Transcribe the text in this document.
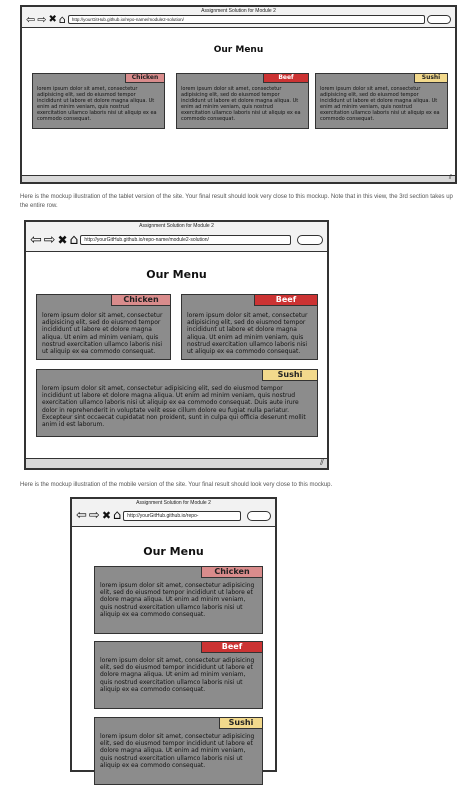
Assignment Solution for Module 2
⇦ ⇨ ✖ ⌂	http://yourGitHub.github.io/repo-name/module2-solution/
Our Menu
Chicken
lorem ipsum dolor sit amet, consectetur adipisicing elit, sed do eiusmod tempor incididunt ut labore et dolore magna aliqua. Ut enim ad minim veniam, quis nostrud exercitation ullamco laboris nisi ut aliquip ex ea commodo consequat.
Beef
lorem ipsum dolor sit amet, consectetur adipisicing elit, sed do eiusmod tempor incididunt ut labore et dolore magna aliqua. Ut enim ad minim veniam, quis nostrud exercitation ullamco laboris nisi ut aliquip ex ea commodo consequat.
Sushi
lorem ipsum dolor sit amet, consectetur adipisicing elit, sed do eiusmod tempor incididunt ut labore et dolore magna aliqua. Ut enim ad minim veniam, quis nostrud exercitation ullamco laboris nisi ut aliquip ex ea commodo consequat.
⫽
Here is the mockup illustration of the tablet version of the site. Your final result should look very close to this mockup. Note that in this view, the 3rd section takes up the entire row.
Assignment Solution for Module 2
⇦ ⇨ ✖ ⌂	http://yourGitHub.github.io/repo-name/module2-solution/
Our Menu
Chicken
lorem ipsum dolor sit amet, consectetur adipisicing elit, sed do eiusmod tempor incididunt ut labore et dolore magna aliqua. Ut enim ad minim veniam, quis nostrud exercitation ullamco laboris nisi ut aliquip ex ea commodo consequat.
Beef
lorem ipsum dolor sit amet, consectetur adipisicing elit, sed do eiusmod tempor incididunt ut labore et dolore magna aliqua. Ut enim ad minim veniam, quis nostrud exercitation ullamco laboris nisi ut aliquip ex ea commodo consequat.
Sushi
lorem ipsum dolor sit amet, consectetur adipisicing elit, sed do eiusmod tempor incididunt ut labore et dolore magna aliqua. Ut enim ad minim veniam, quis nostrud exercitation ullamco laboris nisi ut aliquip ex ea commodo consequat. Duis aute irure dolor in reprehenderit in voluptate velit esse cillum dolore eu fugiat nulla pariatur. Excepteur sint occaecat cupidatat non proident, sunt in culpa qui officia deserunt mollit anim id est laborum.
⫽
Here is the mockup illustration of the mobile version of the site. Your final result should look very close to this mockup.
Assignment Solution for Module 2
⇦ ⇨ ✖ ⌂	http://yourGitHub.github.io/repo-
Our Menu
Chicken
lorem ipsum dolor sit amet, consectetur adipisicing elit, sed do eiusmod tempor incididunt ut labore et dolore magna aliqua. Ut enim ad minim veniam, quis nostrud exercitation ullamco laboris nisi ut aliquip ex ea commodo consequat.
Beef
lorem ipsum dolor sit amet, consectetur adipisicing elit, sed do eiusmod tempor incididunt ut labore et dolore magna aliqua. Ut enim ad minim veniam, quis nostrud exercitation ullamco laboris nisi ut aliquip ex ea commodo consequat.
Sushi
lorem ipsum dolor sit amet, consectetur adipisicing elit, sed do eiusmod tempor incididunt ut labore et dolore magna aliqua. Ut enim ad minim veniam, quis nostrud exercitation ullamco laboris nisi ut aliquip ex ea commodo consequat.
